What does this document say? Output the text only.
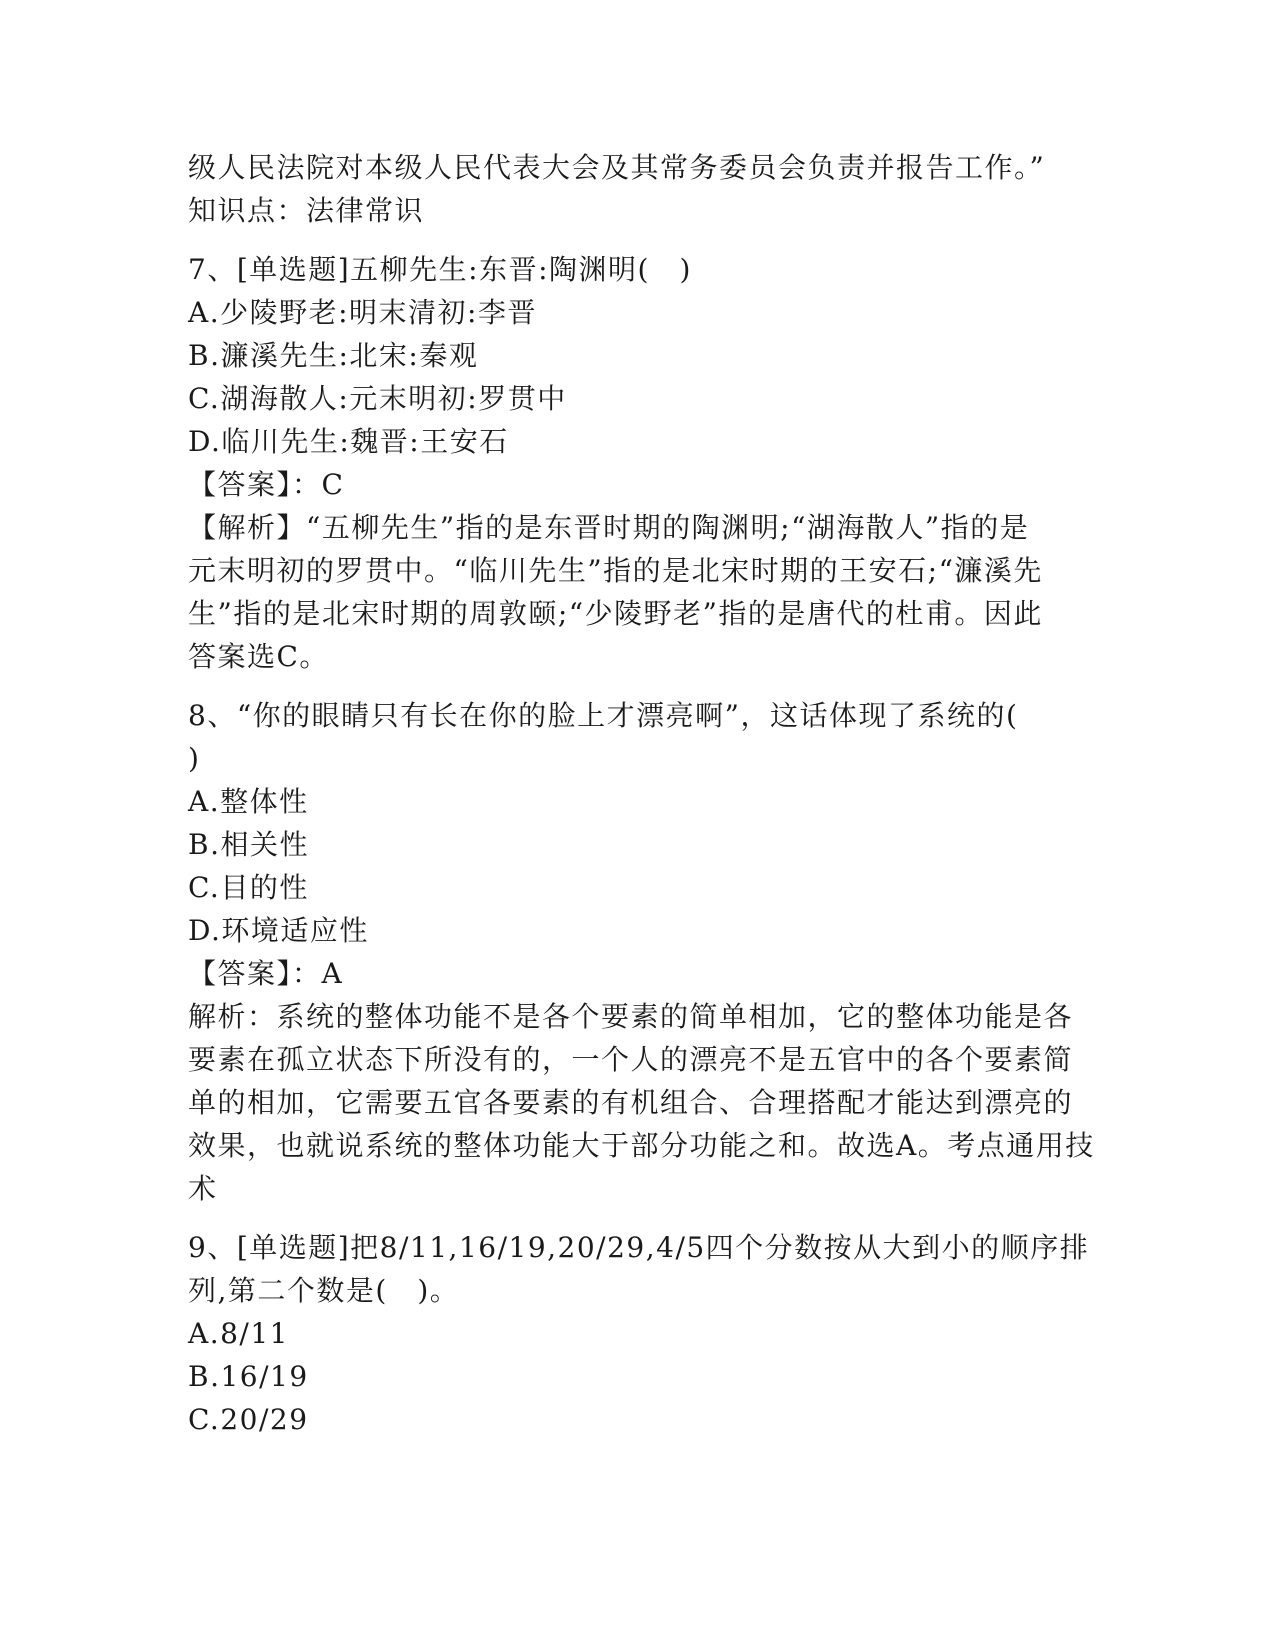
级人民法院对本级人民代表大会及其常务委员会负责并报告工作。”
知识点：法律常识
7、[单选题]五柳先生:东晋:陶渊明(　)
A.少陵野老:明末清初:李晋
B.濂溪先生:北宋:秦观
C.湖海散人:元末明初:罗贯中
D.临川先生:魏晋:王安石
【答案】：C
【解析】“五柳先生”指的是东晋时期的陶渊明;“湖海散人”指的是
元末明初的罗贯中。“临川先生”指的是北宋时期的王安石;“濂溪先
生”指的是北宋时期的周敦颐;“少陵野老”指的是唐代的杜甫。因此
答案选C。
8、“你的眼睛只有长在你的脸上才漂亮啊”，这话体现了系统的(
)
A.整体性
B.相关性
C.目的性
D.环境适应性
【答案】：A
解析：系统的整体功能不是各个要素的简单相加，它的整体功能是各
要素在孤立状态下所没有的，一个人的漂亮不是五官中的各个要素简
单的相加，它需要五官各要素的有机组合、合理搭配才能达到漂亮的
效果，也就说系统的整体功能大于部分功能之和。故选A。考点通用技
术
9、[单选题]把8/11,16/19,20/29,4/5四个分数按从大到小的顺序排
列,第二个数是(　)。
A.8/11
B.16/19
C.20/29
